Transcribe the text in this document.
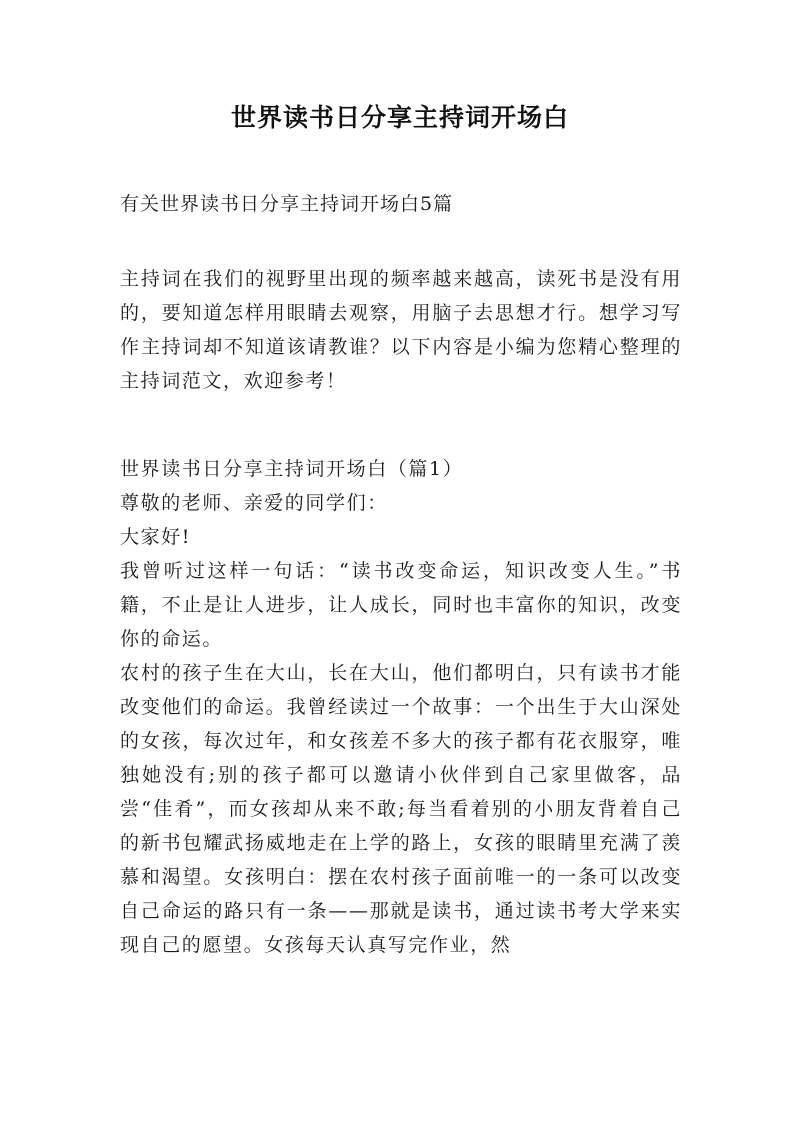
世界读书日分享主持词开场白

有关世界读书日分享主持词开场白5篇

主持词在我们的视野里出现的频率越来越高，读死书是没有用的，要知道怎样用眼睛去观察，用脑子去思想才行。想学习写作主持词却不知道该请教谁？以下内容是小编为您精心整理的主持词范文，欢迎参考！

世界读书日分享主持词开场白（篇1）

尊敬的老师、亲爱的同学们：

大家好!

我曾听过这样一句话：“读书改变命运，知识改变人生。”书籍，不止是让人进步，让人成长，同时也丰富你的知识，改变你的命运。

农村的孩子生在大山，长在大山，他们都明白，只有读书才能改变他们的命运。我曾经读过一个故事：一个出生于大山深处的女孩，每次过年，和女孩差不多大的孩子都有花衣服穿，唯独她没有;别的孩子都可以邀请小伙伴到自己家里做客，品尝“佳肴”，而女孩却从来不敢;每当看着别的小朋友背着自己的新书包耀武扬威地走在上学的路上，女孩的眼睛里充满了羡慕和渴望。女孩明白：摆在农村孩子面前唯一的一条可以改变自己命运的路只有一条——那就是读书，通过读书考大学来实现自己的愿望。女孩每天认真写完作业，然
